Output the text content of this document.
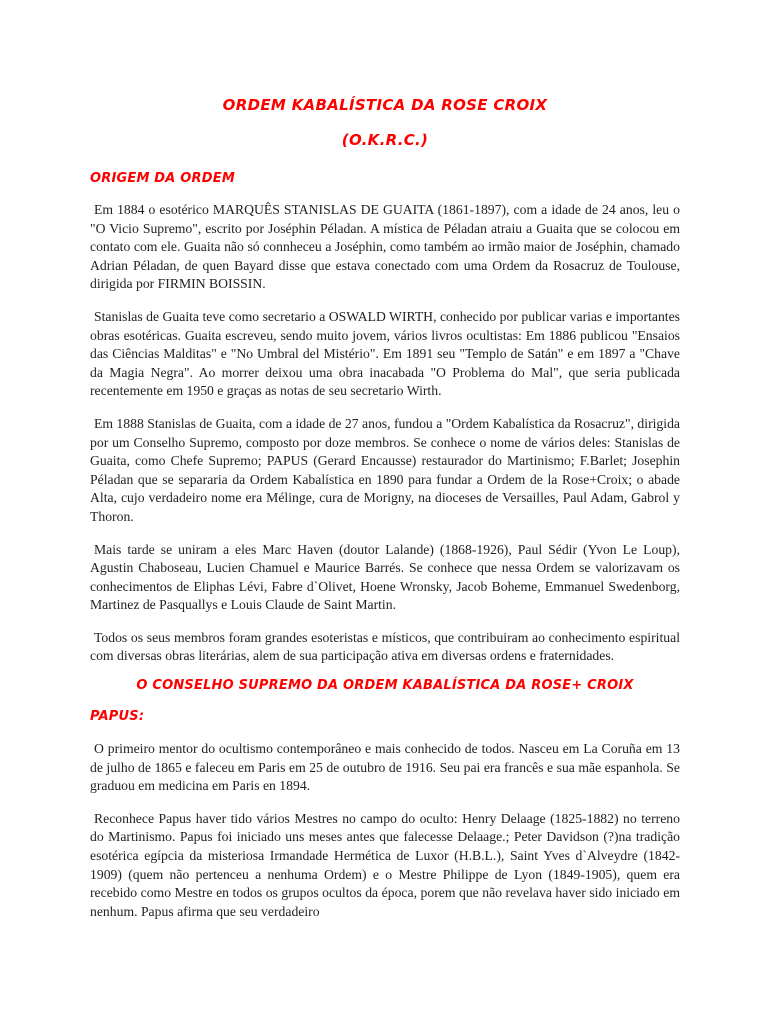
ORDEM KABALÍSTICA DA ROSE CROIX
(O.K.R.C.)
ORIGEM DA ORDEM

Em 1884 o esotérico MARQUÊS STANISLAS DE GUAITA (1861-1897), com a idade de 24 anos, leu o "O Vicio Supremo", escrito por Joséphin Péladan. A mística de Péladan atraiu a Guaita que se colocou em contato com ele. Guaita não só connheceu a Joséphin, como também ao irmão maior de Joséphin, chamado Adrian Péladan, de quen Bayard disse que estava conectado com uma Ordem da Rosacruz de Toulouse, dirigida por FIRMIN BOISSIN.

Stanislas de Guaita teve como secretario a OSWALD WIRTH, conhecido por publicar varias e importantes obras esotéricas. Guaita escreveu, sendo muito jovem, vários livros ocultistas: Em 1886 publicou "Ensaios das Ciências Malditas" e "No Umbral del Mistério". Em 1891 seu "Templo de Satán" e em 1897 a "Chave da Magia Negra". Ao morrer deixou uma obra inacabada "O Problema do Mal", que seria publicada recentemente em 1950 e graças as notas de seu secretario Wirth.

Em 1888 Stanislas de Guaita, com a idade de 27 anos, fundou a "Ordem Kabalística da Rosacruz", dirigida por um Conselho Supremo, composto por doze membros. Se conhece o nome de vários deles: Stanislas de Guaita, como Chefe Supremo; PAPUS (Gerard Encausse) restaurador do Martinismo; F.Barlet; Josephin Péladan que se separaria da Ordem Kabalística en 1890 para fundar a Ordem de la Rose+Croix; o abade Alta, cujo verdadeiro nome era Mélinge, cura de Morigny, na dioceses de Versailles, Paul Adam, Gabrol y Thoron.

Mais tarde se uniram a eles Marc Haven (doutor Lalande) (1868-1926), Paul Sédir (Yvon Le Loup), Agustin Chaboseau, Lucien Chamuel e Maurice Barrés. Se conhece que nessa Ordem se valorizavam os conhecimentos de Eliphas Lévi, Fabre d`Olivet, Hoene Wronsky, Jacob Boheme, Emmanuel Swedenborg, Martinez de Pasquallys e Louis Claude de Saint Martin.

Todos os seus membros foram grandes esoteristas e místicos, que contribuiram ao conhecimento espiritual com diversas obras literárias, alem de sua participação ativa em diversas ordens e fraternidades.

O CONSELHO SUPREMO DA ORDEM KABALÍSTICA DA ROSE+ CROIX
PAPUS:

O primeiro mentor do ocultismo contemporâneo e mais conhecido de todos. Nasceu em La Coruña em 13 de julho de 1865 e faleceu em Paris em 25 de outubro de 1916. Seu pai era francês e sua mãe espanhola. Se graduou em medicina em Paris en 1894.

Reconhece Papus haver tido vários Mestres no campo do oculto: Henry Delaage (1825-1882) no terreno do Martinismo. Papus foi iniciado uns meses antes que falecesse Delaage.; Peter Davidson (?)na tradição esotérica egípcia da misteriosa Irmandade Hermética de Luxor (H.B.L.), Saint Yves d`Alveydre (1842-1909) (quem não pertenceu a nenhuma Ordem) e o Mestre Philippe de Lyon (1849-1905), quem era recebido como Mestre en todos os grupos ocultos da época, porem que não revelava haver sido iniciado em nenhum. Papus afirma que seu verdadeiro
